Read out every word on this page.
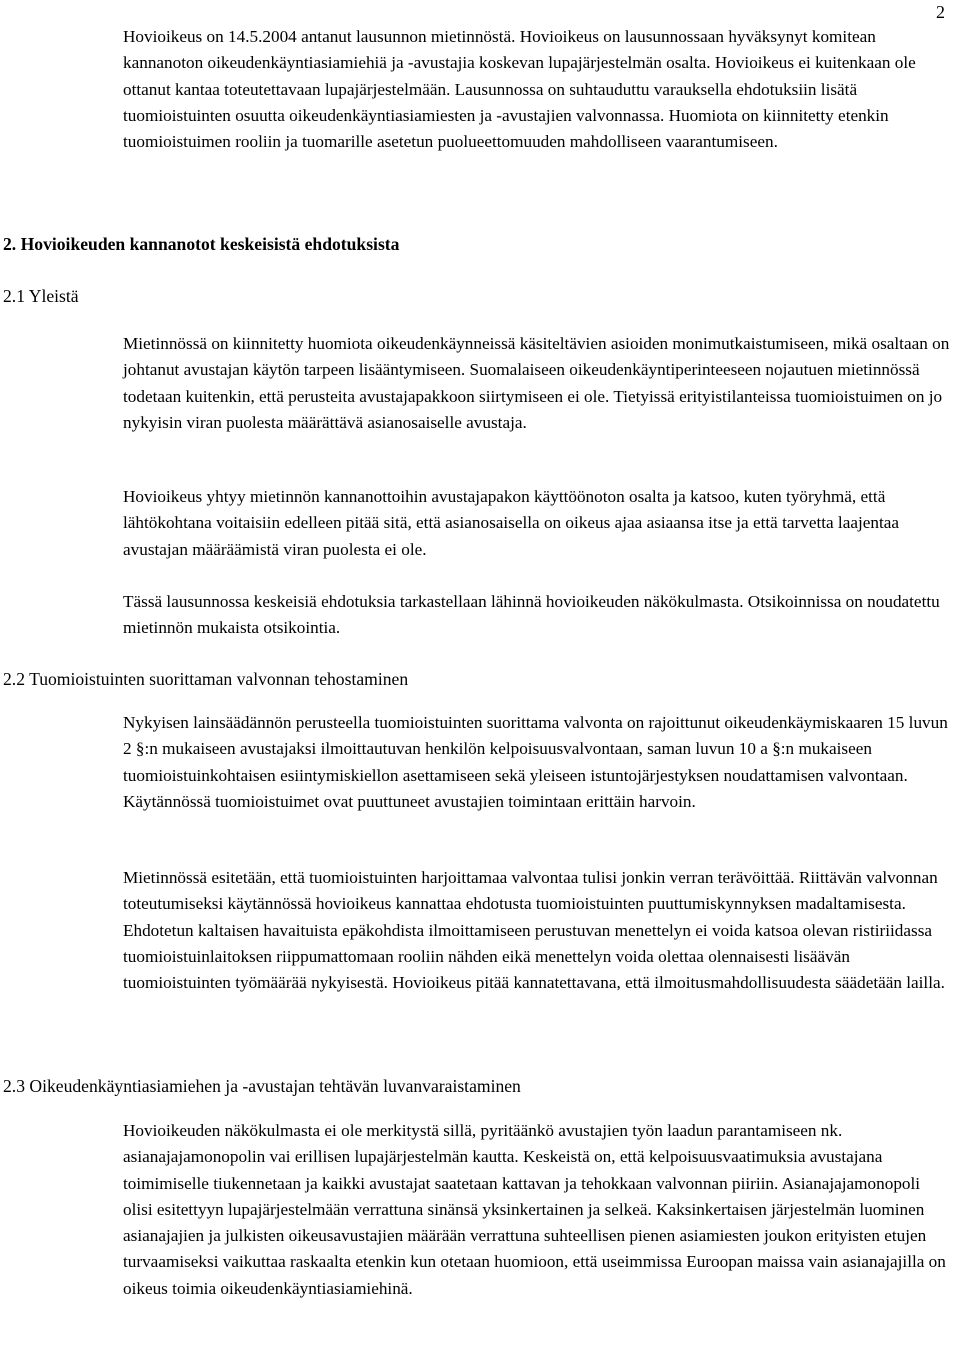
2

Hovioikeus on 14.5.2004 antanut lausunnon mietinnöstä. Hovioikeus on lausunnossaan hyväksynyt komitean kannanoton oikeudenkäyntiasiamiehiä ja -avustajia koskevan lupajärjestelmän osalta. Hovioikeus ei kuitenkaan ole ottanut kantaa toteutettavaan lupajärjestelmään. Lausunnossa on suhtauduttu varauksella ehdotuksiin lisätä tuomioistuinten osuutta oikeudenkäyntiasiamiesten ja -avustajien valvonnassa. Huomiota on kiinnitetty etenkin tuomioistuimen rooliin ja tuomarille asetetun puolueettomuuden mahdolliseen vaarantumiseen.

2. Hovioikeuden kannanotot keskeisistä ehdotuksista
2.1 Yleistä

Mietinnössä on kiinnitetty huomiota oikeudenkäynneissä käsiteltävien asioiden monimutkaistumiseen, mikä osaltaan on johtanut avustajan käytön tarpeen lisääntymiseen. Suomalaiseen oikeudenkäyntiperinteeseen nojautuen mietinnössä todetaan kuitenkin, että perusteita avustajapakkoon siirtymiseen ei ole. Tietyissä erityistilanteissa tuomioistuimen on jo nykyisin viran puolesta määrättävä asianosaiselle avustaja.

Hovioikeus yhtyy mietinnön kannanottoihin avustajapakon käyttöönoton osalta ja katsoo, kuten työryhmä, että lähtökohtana voitaisiin edelleen pitää sitä, että asianosaisella on oikeus ajaa asiaansa itse ja että tarvetta laajentaa avustajan määräämistä viran puolesta ei ole.

Tässä lausunnossa keskeisiä ehdotuksia tarkastellaan lähinnä hovioikeuden näkökulmasta. Otsikoinnissa on noudatettu mietinnön mukaista otsikointia.

2.2 Tuomioistuinten suorittaman valvonnan tehostaminen

Nykyisen lainsäädännön perusteella tuomioistuinten suorittama valvonta on rajoittunut oikeudenkäymiskaaren 15 luvun 2 §:n mukaiseen avustajaksi ilmoittautuvan henkilön kelpoisuusvalvontaan, saman luvun 10 a §:n mukaiseen tuomioistuinkohtaisen esiintymiskiellon asettamiseen sekä yleiseen istuntojärjestyksen noudattamisen valvontaan. Käytännössä tuomioistuimet ovat puuttuneet avustajien toimintaan erittäin harvoin.

Mietinnössä esitetään, että tuomioistuinten harjoittamaa valvontaa tulisi jonkin verran terävöittää. Riittävän valvonnan toteutumiseksi käytännössä hovioikeus kannattaa ehdotusta tuomioistuinten puuttumiskynnyksen madaltamisesta. Ehdotetun kaltaisen havaituista epäkohdista ilmoittamiseen perustuvan menettelyn ei voida katsoa olevan ristiriidassa tuomioistuinlaitoksen riippumattomaan rooliin nähden eikä menettelyn voida olettaa olennaisesti lisäävän tuomioistuinten työmäärää nykyisestä. Hovioikeus pitää kannatettavana, että ilmoitusmahdollisuudesta säädetään lailla.

2.3 Oikeudenkäyntiasiamiehen ja -avustajan tehtävän luvanvaraistaminen

Hovioikeuden näkökulmasta ei ole merkitystä sillä, pyritäänkö avustajien työn laadun parantamiseen nk. asianajajamonopolin vai erillisen lupajärjestelmän kautta. Keskeistä on, että kelpoisuusvaatimuksia avustajana toimimiselle tiukennetaan ja kaikki avustajat saatetaan kattavan ja tehokkaan valvonnan piiriin. Asianajajamonopoli olisi esitettyyn lupajärjestelmään verrattuna sinänsä yksinkertainen ja selkeä. Kaksinkertaisen järjestelmän luominen asianajajien ja julkisten oikeusavustajien määrään verrattuna suhteellisen pienen asiamiesten joukon erityisten etujen turvaamiseksi vaikuttaa raskaalta etenkin kun otetaan huomioon, että useimmissa Euroopan maissa vain asianajajilla on oikeus toimia oikeudenkäyntiasiamiehinä.
